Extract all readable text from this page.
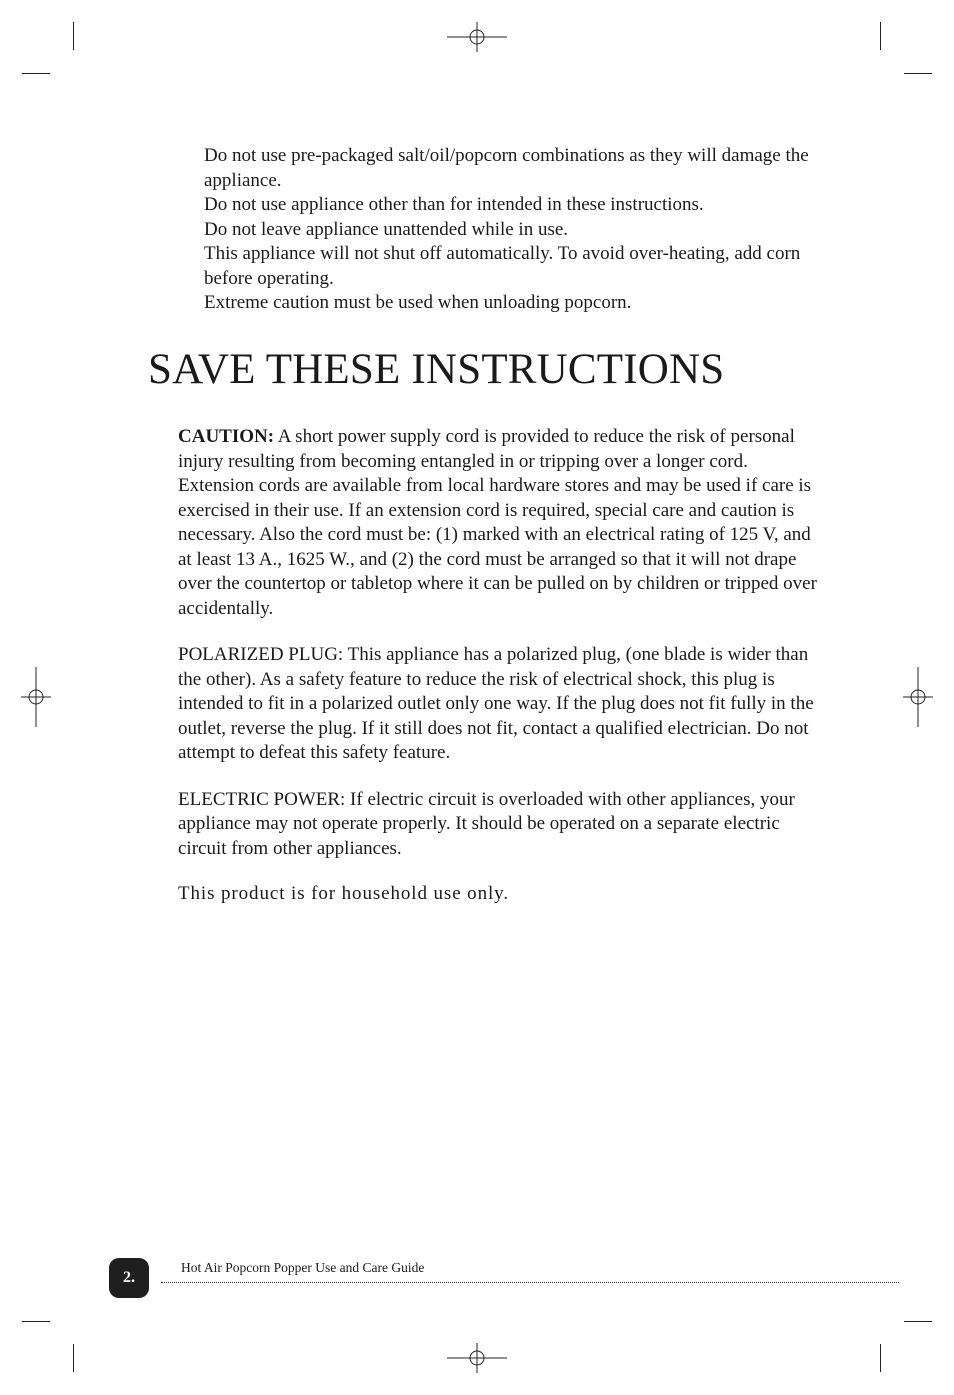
Do not use pre-packaged salt/oil/popcorn combinations as they will damage the appliance.

Do not use appliance other than for intended in these instructions.

Do not leave appliance unattended while in use.

This appliance will not shut off automatically. To avoid over-heating, add corn before operating.

Extreme caution must be used when unloading popcorn.

SAVE THESE INSTRUCTIONS

CAUTION: A short power supply cord is provided to reduce the risk of personal injury resulting from becoming entangled in or tripping over a longer cord. Extension cords are available from local hardware stores and may be used if care is exercised in their use. If an extension cord is required, special care and caution is necessary. Also the cord must be: (1) marked with an electrical rating of 125 V, and at least 13 A., 1625 W., and (2) the cord must be arranged so that it will not drape over the countertop or tabletop where it can be pulled on by children or tripped over accidentally.

POLARIZED PLUG: This appliance has a polarized plug, (one blade is wider than the other). As a safety feature to reduce the risk of electrical shock, this plug is intended to fit in a polarized outlet only one way. If the plug does not fit fully in the outlet, reverse the plug. If it still does not fit, contact a qualified electrician. Do not attempt to defeat this safety feature.

ELECTRIC POWER: If electric circuit is overloaded with other appliances, your appliance may not operate properly. It should be operated on a separate electric circuit from other appliances.

This product is for household use only.

2.
Hot Air Popcorn Popper Use and Care Guide
